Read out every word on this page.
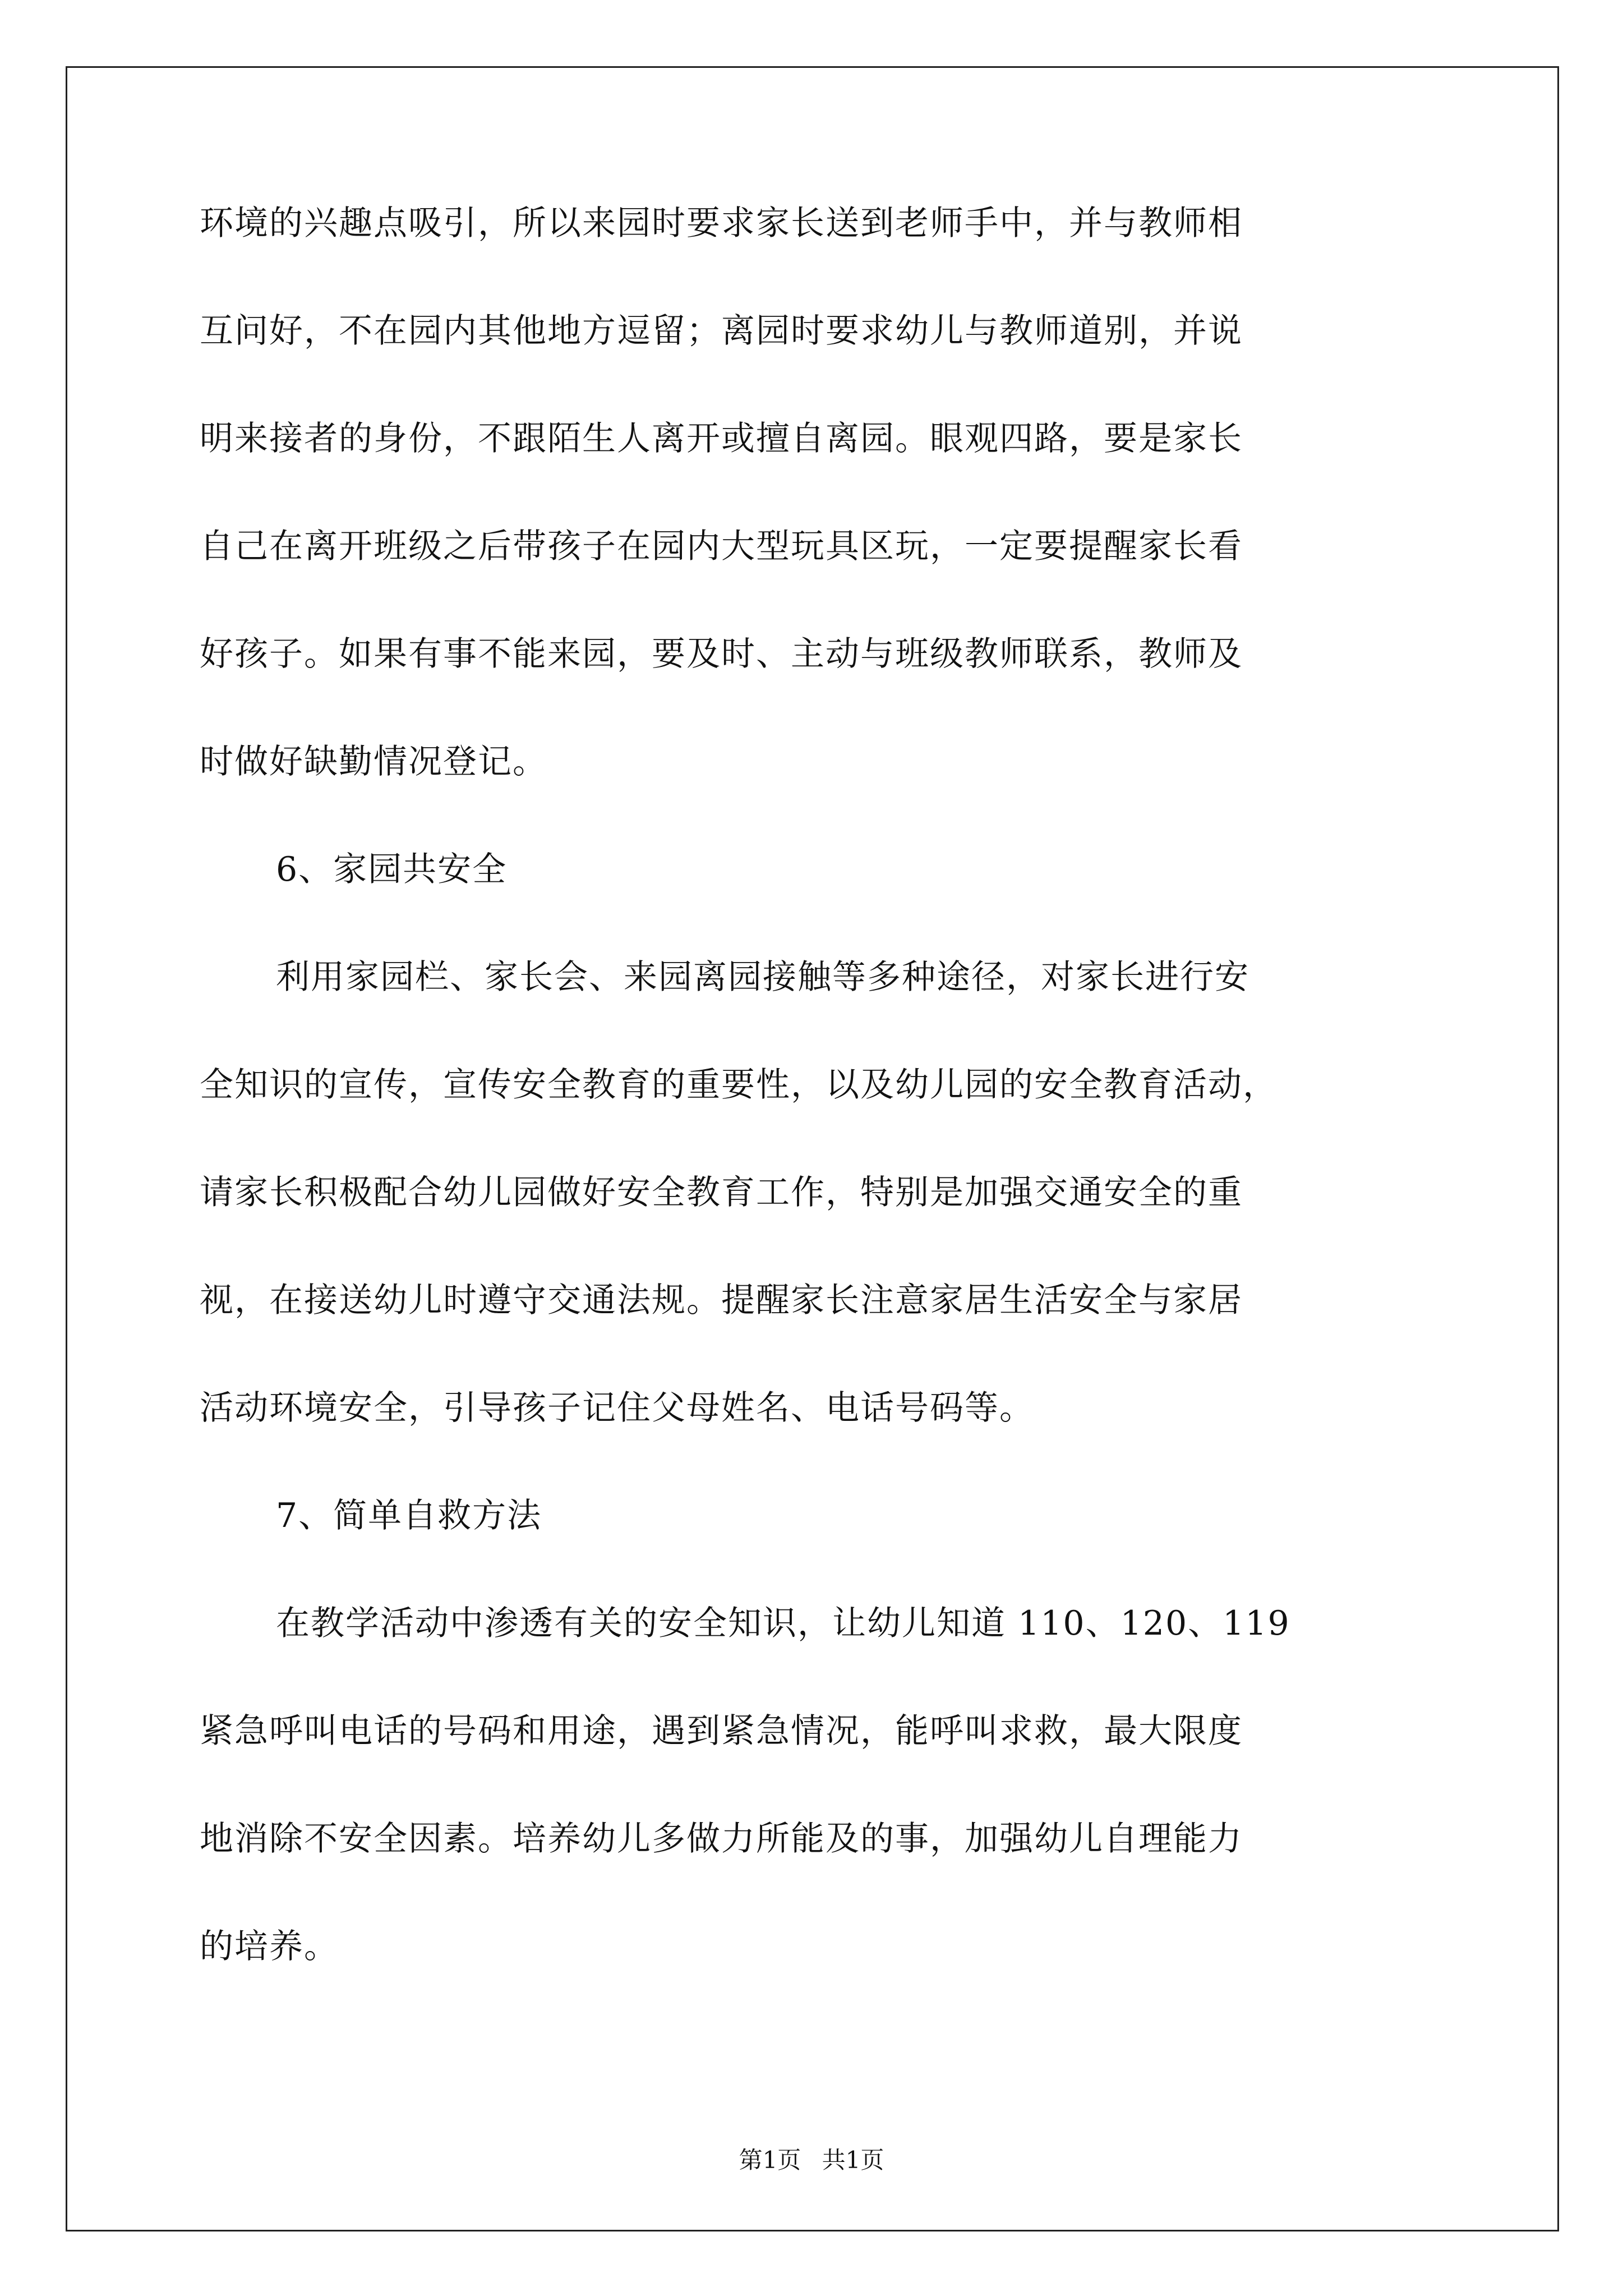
环境的兴趣点吸引，所以来园时要求家长送到老师手中，并与教师相
互问好，不在园内其他地方逗留；离园时要求幼儿与教师道别，并说
明来接者的身份，不跟陌生人离开或擅自离园。眼观四路，要是家长
自己在离开班级之后带孩子在园内大型玩具区玩，一定要提醒家长看
好孩子。如果有事不能来园，要及时、主动与班级教师联系，教师及
时做好缺勤情况登记。
6、家园共安全
利用家园栏、家长会、来园离园接触等多种途径，对家长进行安
全知识的宣传，宣传安全教育的重要性，以及幼儿园的安全教育活动，
请家长积极配合幼儿园做好安全教育工作，特别是加强交通安全的重
视，在接送幼儿时遵守交通法规。提醒家长注意家居生活安全与家居
活动环境安全，引导孩子记住父母姓名、电话号码等。
7、简单自救方法
在教学活动中渗透有关的安全知识，让幼儿知道 110、120、119
紧急呼叫电话的号码和用途，遇到紧急情况，能呼叫求救，最大限度
地消除不安全因素。培养幼儿多做力所能及的事，加强幼儿自理能力
的培养。
第1页 共1页
